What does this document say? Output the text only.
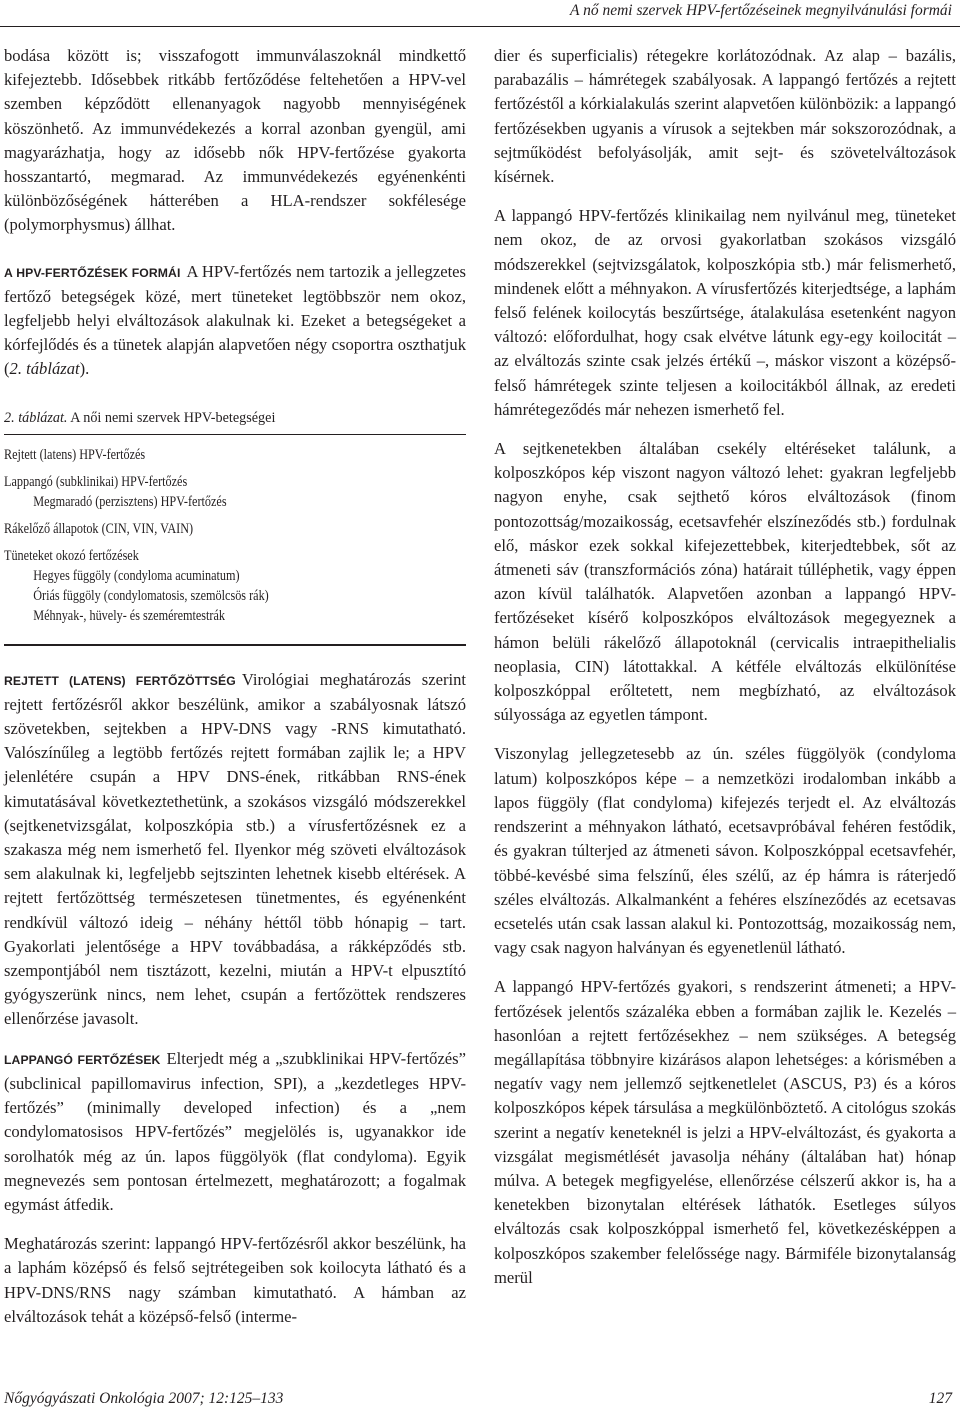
A nő nemi szervek HPV-fertőzéseinek megnyilvánulási formái

bodása között is; visszafogott immunválaszoknál mindkettő kifejeztebb. Idősebbek ritkább fertőződése feltehetően a HPV-vel szemben képződött ellenanyagok nagyobb mennyiségének köszönhető. Az immunvédekezés a korral azonban gyengül, ami magyarázhatja, hogy az idősebb nők HPV-fertőzése gyakorta hosszantartó, megmarad. Az immunvédekezés egyénenkénti különbözőségének hátterében a HLA-rendszer sokfélesége (polymorphysmus) állhat.

A HPV-FERTŐZÉSEK FORMÁI A HPV-fertőzés nem tartozik a jellegzetes fertőző betegségek közé, mert tüneteket legtöbbször nem okoz, legfeljebb helyi elváltozások alakulnak ki. Ezeket a betegségeket a kórfejlődés és a tünetek alapján alapvetően négy csoportra oszthatjuk (2. táblázat).

2. táblázat. A női nemi szervek HPV-betegségei
Rejtett (latens) HPV-fertőzés
Lappangó (subklinikai) HPV-fertőzés
Megmaradó (perzisztens) HPV-fertőzés
Rákelőző állapotok (CIN, VIN, VAIN)
Tüneteket okozó fertőzések
Hegyes függöly (condyloma acuminatum)
Óriás függöly (condylomatosis, szemölcsös rák)
Méhnyak-, hüvely- és szeméremtestrák

REJTETT (LATENS) FERTŐZÖTTSÉG Virológiai meghatározás szerint rejtett fertőzésről akkor beszélünk, amikor a szabályosnak látszó szövetekben, sejtekben a HPV-DNS vagy -RNS kimutatható. Valószínűleg a legtöbb fertőzés rejtett formában zajlik le; a HPV jelenlétére csupán a HPV DNS-ének, ritkábban RNS-ének kimutatásával következtethetünk, a szokásos vizsgáló módszerekkel (sejtkenetvizsgálat, kolposzkópia stb.) a vírusfertőzésnek ez a szakasza még nem ismerhető fel. Ilyenkor még szöveti elváltozások sem alakulnak ki, legfeljebb sejtszinten lehetnek kisebb eltérések. A rejtett fertőzöttség természetesen tünetmentes, és egyénenként rendkívül változó ideig – néhány héttől több hónapig – tart. Gyakorlati jelentősége a HPV továbbadása, a rákképződés stb. szempontjából nem tisztázott, kezelni, miután a HPV-t elpusztító gyógyszerünk nincs, nem lehet, csupán a fertőzöttek rendszeres ellenőrzése javasolt.

LAPPANGÓ FERTŐZÉSEK Elterjedt még a „szubklinikai HPV-fertőzés” (subclinical papillomavirus infection, SPI), a „kezdetleges HPV-fertőzés” (minimally developed infection) és a „nem condylomatosisos HPV-fertőzés” megjelölés is, ugyanakkor ide sorolhatók még az ún. lapos függölyök (flat condyloma). Egyik megnevezés sem pontosan értelmezett, meghatározott; a fogalmak egymást átfedik.

Meghatározás szerint: lappangó HPV-fertőzésről akkor beszélünk, ha a laphám középső és felső sejtrétegeiben sok koilocyta látható és a HPV-DNS/RNS nagy számban kimutatható. A hámban az elváltozások tehát a középső-felső (interme-

dier és superficialis) rétegekre korlátozódnak. Az alap – bazális, parabazális – hámrétegek szabályosak. A lappangó fertőzés a rejtett fertőzéstől a kórkialakulás szerint alapvetően különbözik: a lappangó fertőzésekben ugyanis a vírusok a sejtekben már sokszorozódnak, a sejtműködést befolyásolják, amit sejt- és szövetelváltozások kísérnek.

A lappangó HPV-fertőzés klinikailag nem nyilvánul meg, tüneteket nem okoz, de az orvosi gyakorlatban szokásos vizsgáló módszerekkel (sejtvizsgálatok, kolposzkópia stb.) már felismerhető, mindenek előtt a méhnyakon. A vírusfertőzés kiterjedtsége, a laphám felső felének koilocytás beszűrtsége, átalakulása esetenként nagyon változó: előfordulhat, hogy csak elvétve látunk egy-egy koilocitát – az elváltozás szinte csak jelzés értékű –, máskor viszont a középső-felső hámrétegek szinte teljesen a koilocitákból állnak, az eredeti hámrétegeződés már nehezen ismerhető fel.

A sejtkenetekben általában csekély eltéréseket találunk, a kolposzkópos kép viszont nagyon változó lehet: gyakran legfeljebb nagyon enyhe, csak sejthető kóros elváltozások (finom pontozottság/mozaikosság, ecetsavfehér elszíneződés stb.) fordulnak elő, máskor ezek sokkal kifejezettebbek, kiterjedtebbek, sőt az átmeneti sáv (transzformációs zóna) határait túlléphetik, vagy éppen azon kívül találhatók. Alapvetően azonban a lappangó HPV-fertőzéseket kísérő kolposzkópos elváltozások megegyeznek a hámon belüli rákelőző állapotoknál (cervicalis intraepithelialis neoplasia, CIN) látottakkal. A kétféle elváltozás elkülönítése kolposzkóppal erőltetett, nem megbízható, az elváltozások súlyossága az egyetlen támpont.

Viszonylag jellegzetesebb az ún. széles függölyök (condyloma latum) kolposzkópos képe – a nemzetközi irodalomban inkább a lapos függöly (flat condyloma) kifejezés terjedt el. Az elváltozás rendszerint a méhnyakon látható, ecetsavpróbával fehéren festődik, és gyakran túlterjed az átmeneti sávon. Kolposzkóppal ecetsavfehér, többé-kevésbé sima felszínű, éles szélű, az ép hámra is ráterjedő széles elváltozás. Alkalmanként a fehéres elszíneződés az ecetsavas ecsetelés után csak lassan alakul ki. Pontozottság, mozaikosság nem, vagy csak nagyon halványan és egyenetlenül látható.

A lappangó HPV-fertőzés gyakori, s rendszerint átmeneti; a HPV-fertőzések jelentős százaléka ebben a formában zajlik le. Kezelés – hasonlóan a rejtett fertőzésekhez – nem szükséges. A betegség megállapítása többnyire kizárásos alapon lehetséges: a kórismében a negatív vagy nem jellemző sejtkenetlelet (ASCUS, P3) és a kóros kolposzkópos képek társulása a megkülönböztető. A citológus szokás szerint a negatív keneteknél is jelzi a HPV-elváltozást, és gyakorta a vizsgálat megismétlését javasolja néhány (általában hat) hónap múlva. A betegek megfigyelése, ellenőrzése célszerű akkor is, ha a kenetekben bizonytalan eltérések láthatók. Esetleges súlyos elváltozás csak kolposzkóppal ismerhető fel, következésképpen a kolposzkópos szakember felelőssége nagy. Bármiféle bizonytalanság merül

Nőgyógyászati Onkológia 2007; 12:125–133	127
